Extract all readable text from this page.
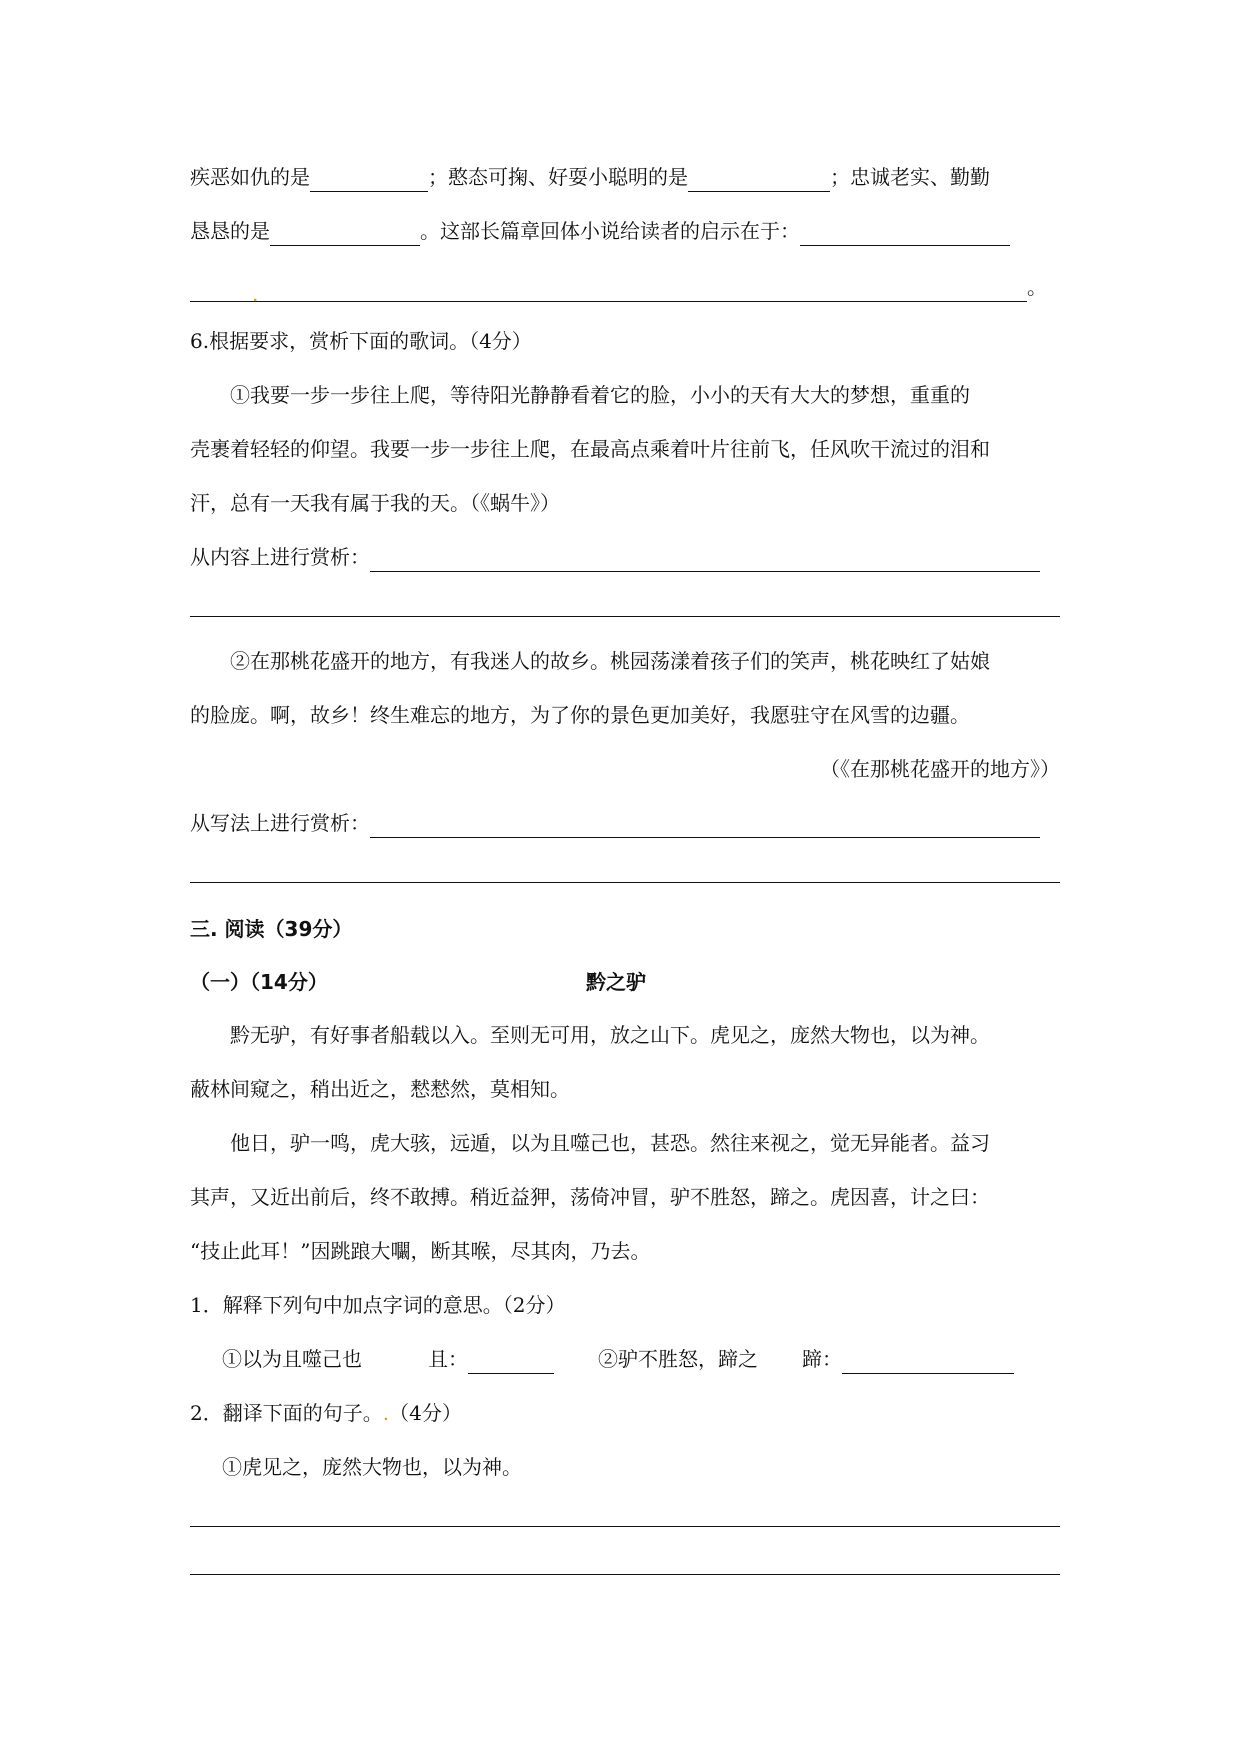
疾恶如仇的是	；憨态可掬、好耍小聪明的是	；忠诚老实、勤勤
恳恳的是	。这部长篇章回体小说给读者的启示在于：
.	。
6.根据要求，赏析下面的歌词。（4分）
①我要一步一步往上爬，等待阳光静静看着它的脸，小小的天有大大的梦想，重重的
壳裹着轻轻的仰望。我要一步一步往上爬，在最高点乘着叶片往前飞，任风吹干流过的泪和
汗，总有一天我有属于我的天。（《蜗牛》）
从内容上进行赏析：
②在那桃花盛开的地方，有我迷人的故乡。桃园荡漾着孩子们的笑声，桃花映红了姑娘
的脸庞。啊，故乡！终生难忘的地方，为了你的景色更加美好，我愿驻守在风雪的边疆。
（《在那桃花盛开的地方》）
从写法上进行赏析：
三. 阅读（39分）
（一）（14分）	黔之驴
黔无驴，有好事者船载以入。至则无可用，放之山下。虎见之，庞然大物也，以为神。
蔽林间窥之，稍出近之，慭慭然，莫相知。
他日，驴一鸣，虎大骇，远遁，以为且噬己也，甚恐。然往来视之，觉无异能者。益习
其声，又近出前后，终不敢搏。稍近益狎，荡倚冲冒，驴不胜怒，蹄之。虎因喜，计之曰：
“技止此耳！”因跳踉大㘚，断其喉，尽其肉，乃去。
1．解释下列句中加点字词的意思。（2分）
①以为且噬己也	且：	②驴不胜怒，蹄之 蹄：
2．翻译下面的句子。.（4分）
①虎见之，庞然大物也，以为神。
